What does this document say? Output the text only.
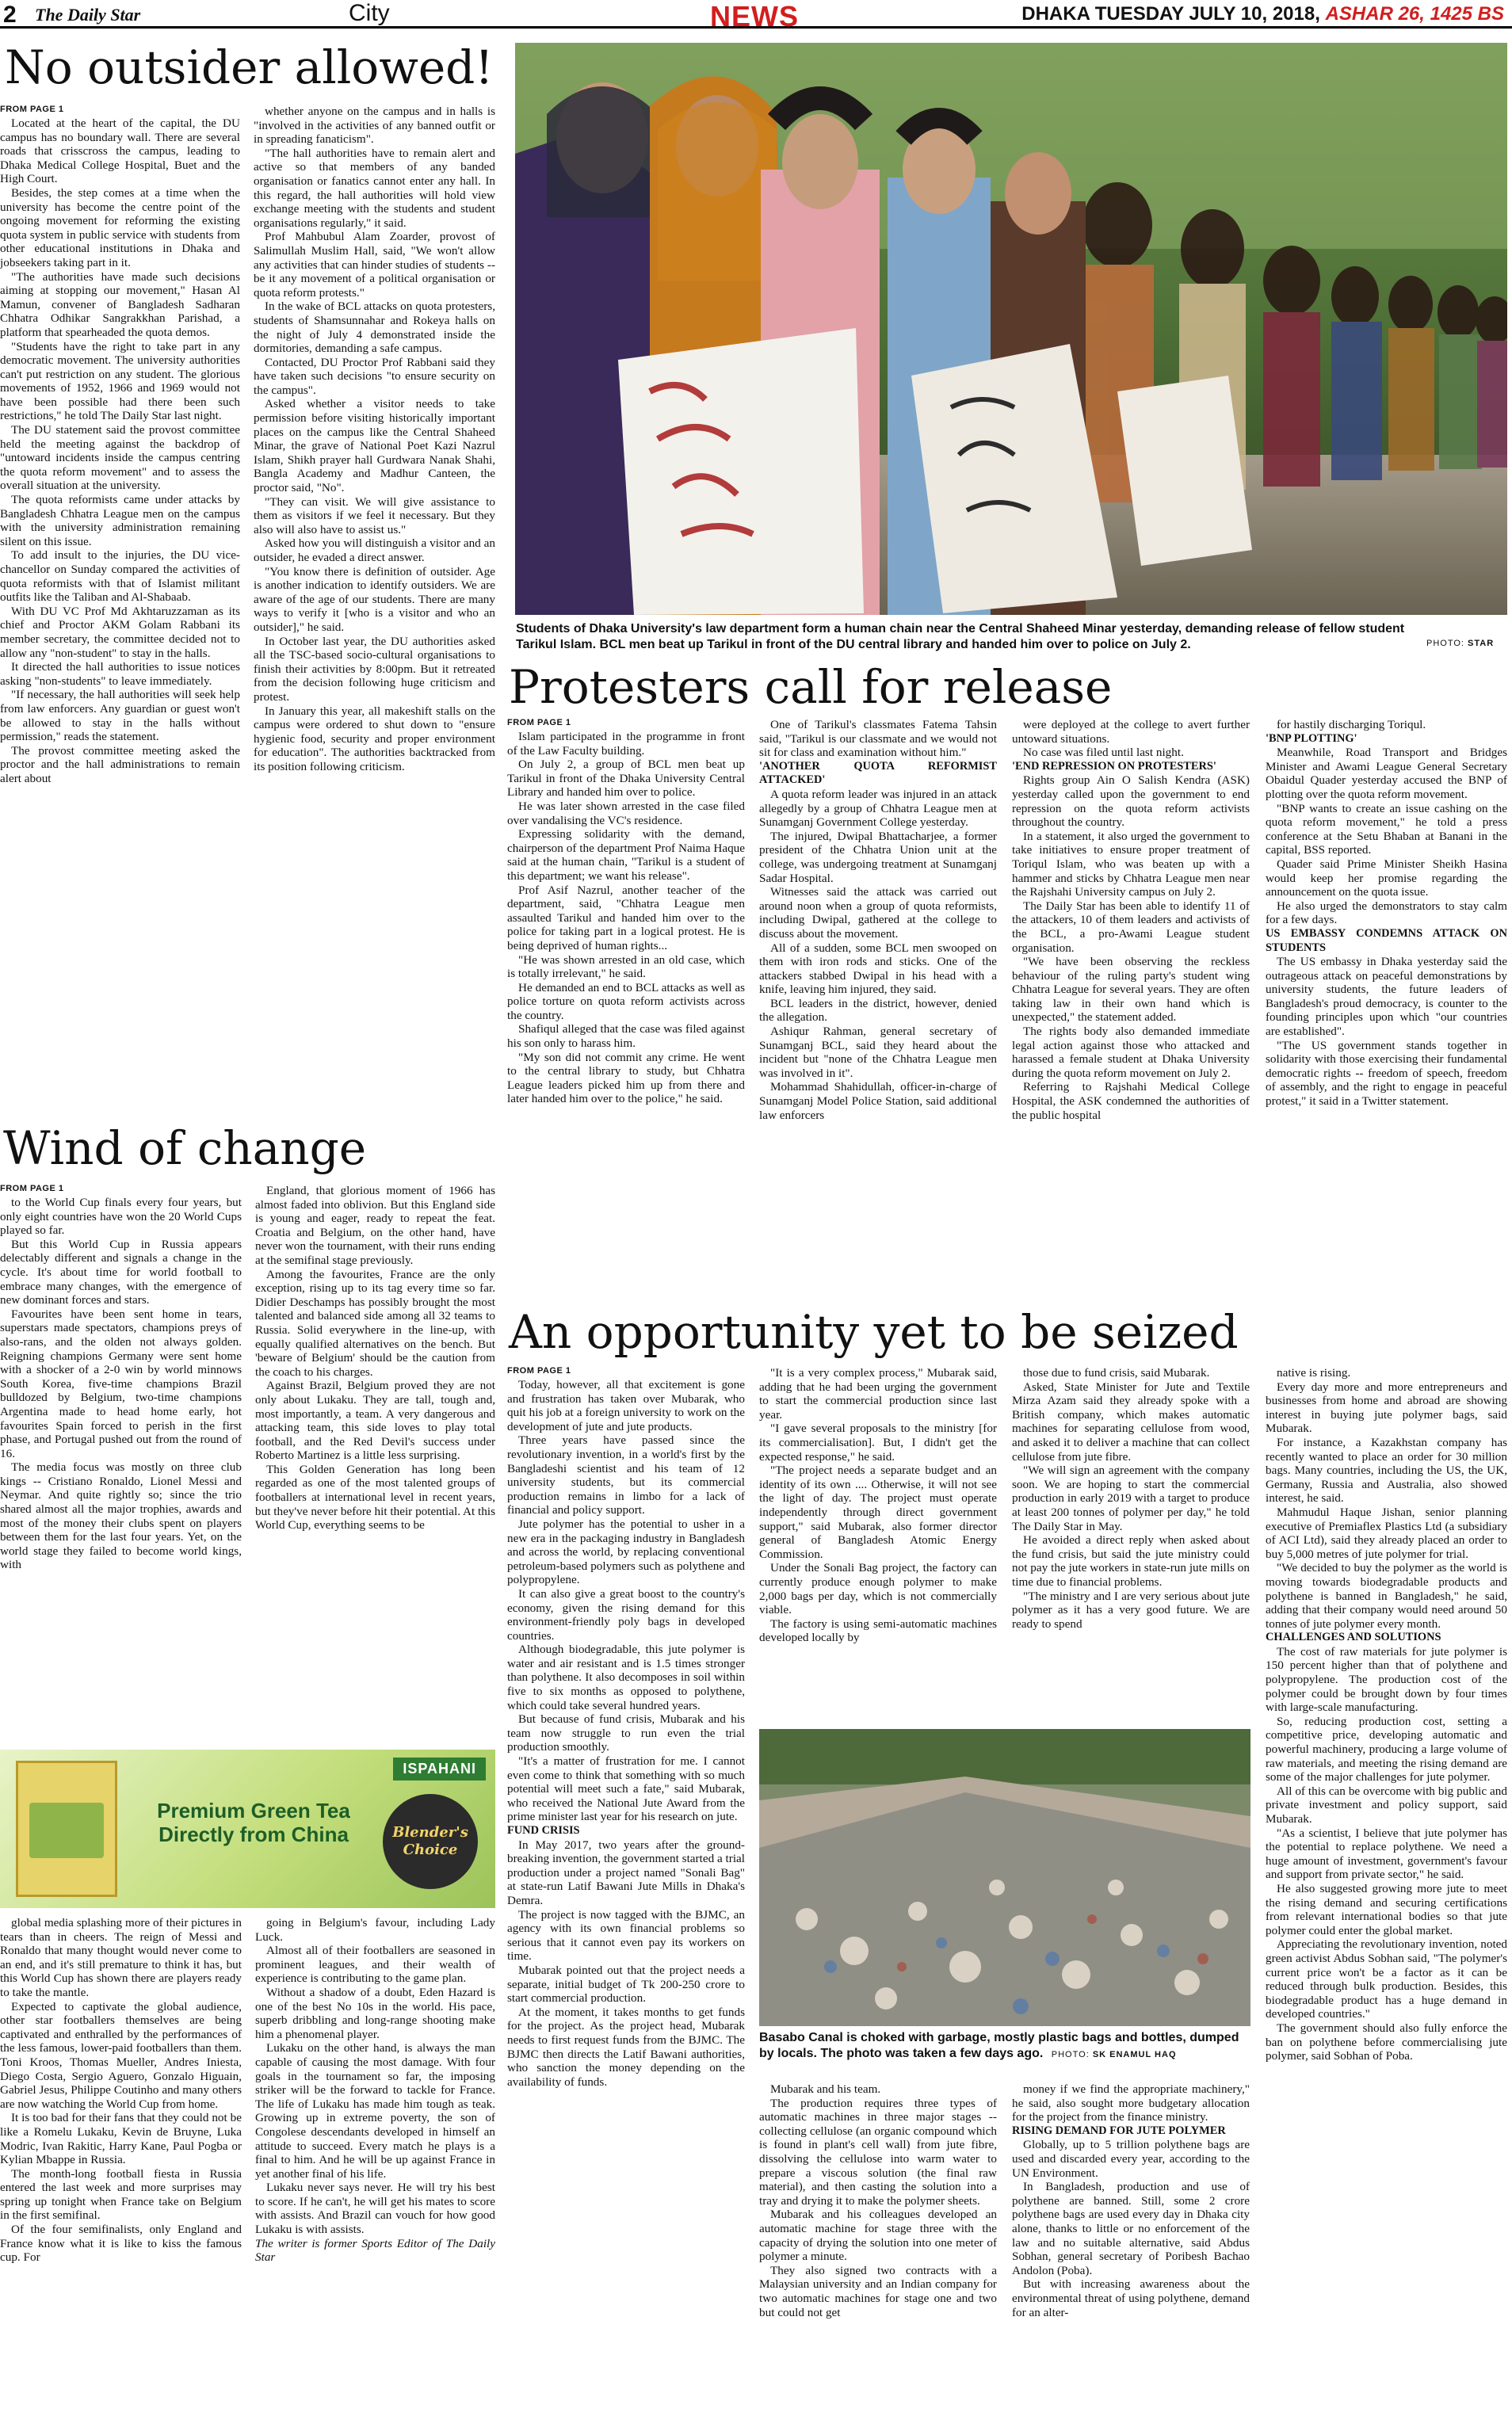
2 The Daily Star	City	NEWS	DHAKA TUESDAY JULY 10, 2018, ASHAR 26, 1425 BS
No outsider allowed!
FROM PAGE 1

Located at the heart of the capital, the DU campus has no boundary wall. There are several roads that crisscross the campus, leading to Dhaka Medical College Hospital, Buet and the High Court.

Besides, the step comes at a time when the university has become the centre point of the ongoing movement for reforming the existing quota system in public service with students from other educational institutions in Dhaka and jobseekers taking part in it.

"The authorities have made such decisions aiming at stopping our movement," Hasan Al Mamun, convener of Bangladesh Sadharan Chhatra Odhikar Sangrakkhan Parishad, a platform that spearheaded the quota demos.

"Students have the right to take part in any democratic movement. The university authorities can't put restriction on any student. The glorious movements of 1952, 1966 and 1969 would not have been possible had there been such restrictions," he told The Daily Star last night.

The DU statement said the provost committee held the meeting against the backdrop of "untoward incidents inside the campus centring the quota reform movement" and to assess the overall situation at the university.

The quota reformists came under attacks by Bangladesh Chhatra League men on the campus with the university administration remaining silent on this issue.

To add insult to the injuries, the DU vice-chancellor on Sunday compared the activities of quota reformists with that of Islamist militant outfits like the Taliban and Al-Shabaab.

With DU VC Prof Md Akhtaruzzaman as its chief and Proctor AKM Golam Rabbani its member secretary, the committee decided not to allow any "non-student" to stay in the halls.

It directed the hall authorities to issue notices asking "non-students" to leave immediately.

"If necessary, the hall authorities will seek help from law enforcers. Any guardian or guest won't be allowed to stay in the halls without permission," reads the statement.

The provost committee meeting asked the proctor and the hall administrations to remain alert about

whether anyone on the campus and in halls is "involved in the activities of any banned outfit or in spreading fanaticism".

"The hall authorities have to remain alert and active so that members of any banded organisation or fanatics cannot enter any hall. In this regard, the hall authorities will hold view exchange meeting with the students and student organisations regularly," it said.

Prof Mahbubul Alam Zoarder, provost of Salimullah Muslim Hall, said, "We won't allow any activities that can hinder studies of students -- be it any movement of a political organisation or quota reform protests."

In the wake of BCL attacks on quota protesters, students of Shamsunnahar and Rokeya halls on the night of July 4 demonstrated inside the dormitories, demanding a safe campus.

Contacted, DU Proctor Prof Rabbani said they have taken such decisions "to ensure security on the campus".

Asked whether a visitor needs to take permission before visiting historically important places on the campus like the Central Shaheed Minar, the grave of National Poet Kazi Nazrul Islam, Shikh prayer hall Gurdwara Nanak Shahi, Bangla Academy and Madhur Canteen, the proctor said, "No".

"They can visit. We will give assistance to them as visitors if we feel it necessary. But they also will also have to assist us."

Asked how you will distinguish a visitor and an outsider, he evaded a direct answer.

"You know there is definition of outsider. Age is another indication to identify outsiders. We are aware of the age of our students. There are many ways to verify it [who is a visitor and who an outsider]," he said.

In October last year, the DU authorities asked all the TSC-based socio-cultural organisations to finish their activities by 8:00pm. But it retreated from the decision following huge criticism and protest.

In January this year, all makeshift stalls on the campus were ordered to shut down to "ensure hygienic food, security and proper environment for education". The authorities backtracked from its position following criticism.

Students of Dhaka University's law department form a human chain near the Central Shaheed Minar yesterday, demanding release of fellow student Tarikul Islam. BCL men beat up Tarikul in front of the DU central library and handed him over to police on July 2.	PHOTO: STAR
Protesters call for release
FROM PAGE 1

Islam participated in the programme in front of the Law Faculty building.

On July 2, a group of BCL men beat up Tarikul in front of the Dhaka University Central Library and handed him over to police.

He was later shown arrested in the case filed over vandalising the VC's residence.

Expressing solidarity with the demand, chairperson of the department Prof Naima Haque said at the human chain, "Tarikul is a student of this department; we want his release".

Prof Asif Nazrul, another teacher of the department, said, "Chhatra League men assaulted Tarikul and handed him over to the police for taking part in a logical protest. He is being deprived of human rights...

"He was shown arrested in an old case, which is totally irrelevant," he said.

He demanded an end to BCL attacks as well as police torture on quota reform activists across the country.

Shafiqul alleged that the case was filed against his son only to harass him.

"My son did not commit any crime. He went to the central library to study, but Chhatra League leaders picked him up from there and later handed him over to the police," he said.

One of Tarikul's classmates Fatema Tahsin said, "Tarikul is our classmate and we would not sit for class and examination without him."

'ANOTHER QUOTA REFORMIST ATTACKED'

A quota reform leader was injured in an attack allegedly by a group of Chhatra League men at Sunamganj Government College yesterday.

The injured, Dwipal Bhattacharjee, a former president of the Chhatra Union unit at the college, was undergoing treatment at Sunamganj Sadar Hospital.

Witnesses said the attack was carried out around noon when a group of quota reformists, including Dwipal, gathered at the college to discuss about the movement.

All of a sudden, some BCL men swooped on them with iron rods and sticks. One of the attackers stabbed Dwipal in his head with a knife, leaving him injured, they said.

BCL leaders in the district, however, denied the allegation.

Ashiqur Rahman, general secretary of Sunamganj BCL, said they heard about the incident but "none of the Chhatra League men was involved in it".

Mohammad Shahidullah, officer-in-charge of Sunamganj Model Police Station, said additional law enforcers

were deployed at the college to avert further untoward situations.

No case was filed until last night.

'END REPRESSION ON PROTESTERS'

Rights group Ain O Salish Kendra (ASK) yesterday called upon the government to end repression on the quota reform activists throughout the country.

In a statement, it also urged the government to take initiatives to ensure proper treatment of Toriqul Islam, who was beaten up with a hammer and sticks by Chhatra League men near the Rajshahi University campus on July 2.

The Daily Star has been able to identify 11 of the attackers, 10 of them leaders and activists of the BCL, a pro-Awami League student organisation.

"We have been observing the reckless behaviour of the ruling party's student wing Chhatra League for several years. They are often taking law in their own hand which is unexpected," the statement added.

The rights body also demanded immediate legal action against those who attacked and harassed a female student at Dhaka University during the quota reform movement on July 2.

Referring to Rajshahi Medical College Hospital, the ASK condemned the authorities of the public hospital

for hastily discharging Toriqul.

'BNP PLOTTING'

Meanwhile, Road Transport and Bridges Minister and Awami League General Secretary Obaidul Quader yesterday accused the BNP of plotting over the quota reform movement.

"BNP wants to create an issue cashing on the quota reform movement," he told a press conference at the Setu Bhaban at Banani in the capital, BSS reported.

Quader said Prime Minister Sheikh Hasina would keep her promise regarding the announcement on the quota issue.

He also urged the demonstrators to stay calm for a few days.

US EMBASSY CONDEMNS ATTACK ON STUDENTS

The US embassy in Dhaka yesterday said the outrageous attack on peaceful demonstrations by university students, the future leaders of Bangladesh's proud democracy, is counter to the founding principles upon which "our countries are established".

"The US government stands together in solidarity with those exercising their fundamental democratic rights -- freedom of speech, freedom of assembly, and the right to engage in peaceful protest," it said in a Twitter statement.

Wind of change
FROM PAGE 1

to the World Cup finals every four years, but only eight countries have won the 20 World Cups played so far.

But this World Cup in Russia appears delectably different and signals a change in the cycle. It's about time for world football to embrace many changes, with the emergence of new dominant forces and stars.

Favourites have been sent home in tears, superstars made spectators, champions preys of also-rans, and the olden not always golden. Reigning champions Germany were sent home with a shocker of a 2-0 win by world minnows South Korea, five-time champions Brazil bulldozed by Belgium, two-time champions Argentina made to head home early, hot favourites Spain forced to perish in the first phase, and Portugal pushed out from the round of 16.

The media focus was mostly on three club kings -- Cristiano Ronaldo, Lionel Messi and Neymar. And quite rightly so; since the trio shared almost all the major trophies, awards and most of the money their clubs spent on players between them for the last four years. Yet, on the world stage they failed to become world kings, with

England, that glorious moment of 1966 has almost faded into oblivion. But this England side is young and eager, ready to repeat the feat. Croatia and Belgium, on the other hand, have never won the tournament, with their runs ending at the semifinal stage previously.

Among the favourites, France are the only exception, rising up to its tag every time so far. Didier Deschamps has possibly brought the most talented and balanced side among all 32 teams to Russia. Solid everywhere in the line-up, with equally qualified alternatives on the bench. But 'beware of Belgium' should be the caution from the coach to his charges.

Against Brazil, Belgium proved they are not only about Lukaku. They are tall, tough and, most importantly, a team. A very dangerous and attacking team, this side loves to play total football, and the Red Devil's success under Roberto Martinez is a little less surprising.

This Golden Generation has long been regarded as one of the most talented groups of footballers at international level in recent years, but they've never before hit their potential. At this World Cup, everything seems to be

ISPAHANI
Premium Green Tea
Directly from China	Blender's Choice

global media splashing more of their pictures in tears than in cheers. The reign of Messi and Ronaldo that many thought would never come to an end, and it's still premature to think it has, but this World Cup has shown there are players ready to take the mantle.

Expected to captivate the global audience, other star footballers themselves are being captivated and enthralled by the performances of the less famous, lower-paid footballers than them. Toni Kroos, Thomas Mueller, Andres Iniesta, Diego Costa, Sergio Aguero, Gonzalo Higuain, Gabriel Jesus, Philippe Coutinho and many others are now watching the World Cup from home.

It is too bad for their fans that they could not be like a Romelu Lukaku, Kevin de Bruyne, Luka Modric, Ivan Rakitic, Harry Kane, Paul Pogba or Kylian Mbappe in Russia.

The month-long football fiesta in Russia entered the last week and more surprises may spring up tonight when France take on Belgium in the first semifinal.

Of the four semifinalists, only England and France know what it is like to kiss the famous cup. For

going in Belgium's favour, including Lady Luck.

Almost all of their footballers are seasoned in prominent leagues, and their wealth of experience is contributing to the game plan.

Without a shadow of a doubt, Eden Hazard is one of the best No 10s in the world. His pace, superb dribbling and long-range shooting make him a phenomenal player.

Lukaku on the other hand, is always the man capable of causing the most damage. With four goals in the tournament so far, the imposing striker will be the forward to tackle for France. The life of Lukaku has made him tough as teak. Growing up in extreme poverty, the son of Congolese descendants developed in himself an attitude to succeed. Every match he plays is a final to him. And he will be up against France in yet another final of his life.

Lukaku never says never. He will try his best to score. If he can't, he will get his mates to score with assists. And Brazil can vouch for how good Lukaku is with assists.

The writer is former Sports Editor of The Daily Star

An opportunity yet to be seized
FROM PAGE 1

Today, however, all that excitement is gone and frustration has taken over Mubarak, who quit his job at a foreign university to work on the development of jute and jute products.

Three years have passed since the revolutionary invention, in a world's first by the Bangladeshi scientist and his team of 12 university students, but its commercial production remains in limbo for a lack of financial and policy support.

Jute polymer has the potential to usher in a new era in the packaging industry in Bangladesh and across the world, by replacing conventional petroleum-based polymers such as polythene and polypropylene.

It can also give a great boost to the country's economy, given the rising demand for this environment-friendly poly bags in developed countries.

Although biodegradable, this jute polymer is water and air resistant and is 1.5 times stronger than polythene. It also decomposes in soil within five to six months as opposed to polythene, which could take several hundred years.

But because of fund crisis, Mubarak and his team now struggle to run even the trial production smoothly.

"It's a matter of frustration for me. I cannot even come to think that something with so much potential will meet such a fate," said Mubarak, who received the National Jute Award from the prime minister last year for his research on jute.

FUND CRISIS

In May 2017, two years after the ground-breaking invention, the government started a trial production under a project named "Sonali Bag" at state-run Latif Bawani Jute Mills in Dhaka's Demra.

The project is now tagged with the BJMC, an agency with its own financial problems so serious that it cannot even pay its workers on time.

Mubarak pointed out that the project needs a separate, initial budget of Tk 200-250 crore to start commercial production.

At the moment, it takes months to get funds for the project. As the project head, Mubarak needs to first request funds from the BJMC. The BJMC then directs the Latif Bawani authorities, who sanction the money depending on the availability of funds.

"It is a very complex process," Mubarak said, adding that he had been urging the government to start the commercial production since last year.

"I gave several proposals to the ministry [for its commercialisation]. But, I didn't get the expected response," he said.

"The project needs a separate budget and an identity of its own .... Otherwise, it will not see the light of day. The project must operate independently through direct government support," said Mubarak, also former director general of Bangladesh Atomic Energy Commission.

Under the Sonali Bag project, the factory can currently produce enough polymer to make 2,000 bags per day, which is not commercially viable.

The factory is using semi-automatic machines developed locally by

those due to fund crisis, said Mubarak.

Asked, State Minister for Jute and Textile Mirza Azam said they already spoke with a British company, which makes automatic machines for separating cellulose from wood, and asked it to deliver a machine that can collect cellulose from jute fibre.

"We will sign an agreement with the company soon. We are hoping to start the commercial production in early 2019 with a target to produce at least 200 tonnes of polymer per day," he told The Daily Star in May.

He avoided a direct reply when asked about the fund crisis, but said the jute ministry could not pay the jute workers in state-run jute mills on time due to financial problems.

"The ministry and I are very serious about jute polymer as it has a very good future. We are ready to spend

Basabo Canal is choked with garbage, mostly plastic bags and bottles, dumped by locals. The photo was taken a few days ago. PHOTO: SK ENAMUL HAQ

Mubarak and his team.

The production requires three types of automatic machines in three major stages -- collecting cellulose (an organic compound which is found in plant's cell wall) from jute fibre, dissolving the cellulose into warm water to prepare a viscous solution (the final raw material), and then casting the solution into a tray and drying it to make the polymer sheets.

Mubarak and his colleagues developed an automatic machine for stage three with the capacity of drying the solution into one meter of polymer a minute.

They also signed two contracts with a Malaysian university and an Indian company for two automatic machines for stage one and two but could not get

money if we find the appropriate machinery," he said, also sought more budgetary allocation for the project from the finance ministry.

RISING DEMAND FOR JUTE POLYMER

Globally, up to 5 trillion polythene bags are used and discarded every year, according to the UN Environment.

In Bangladesh, production and use of polythene are banned. Still, some 2 crore polythene bags are used every day in Dhaka city alone, thanks to little or no enforcement of the law and no suitable alternative, said Abdus Sobhan, general secretary of Poribesh Bachao Andolon (Poba).

But with increasing awareness about the environmental threat of using polythene, demand for an alter-

native is rising.

Every day more and more entrepreneurs and businesses from home and abroad are showing interest in buying jute polymer bags, said Mubarak.

For instance, a Kazakhstan company has recently wanted to place an order for 30 million bags. Many countries, including the US, the UK, Germany, Russia and Australia, also showed interest, he said.

Mahmudul Haque Jishan, senior planning executive of Premiaflex Plastics Ltd (a subsidiary of ACI Ltd), said they already placed an order to buy 5,000 metres of jute polymer for trial.

"We decided to buy the polymer as the world is moving towards biodegradable products and polythene is banned in Bangladesh," he said, adding that their company would need around 50 tonnes of jute polymer every month.

CHALLENGES AND SOLUTIONS

The cost of raw materials for jute polymer is 150 percent higher than that of polythene and polypropylene. The production cost of the polymer could be brought down by four times with large-scale manufacturing.

So, reducing production cost, setting a competitive price, developing automatic and powerful machinery, producing a large volume of raw materials, and meeting the rising demand are some of the major challenges for jute polymer.

All of this can be overcome with big public and private investment and policy support, said Mubarak.

"As a scientist, I believe that jute polymer has the potential to replace polythene. We need a huge amount of investment, government's favour and support from private sector," he said.

He also suggested growing more jute to meet the rising demand and securing certifications from relevant international bodies so that jute polymer could enter the global market.

Appreciating the revolutionary invention, noted green activist Abdus Sobhan said, "The polymer's current price won't be a factor as it can be reduced through bulk production. Besides, this biodegradable product has a huge demand in developed countries."

The government should also fully enforce the ban on polythene before commercialising jute polymer, said Sobhan of Poba.
